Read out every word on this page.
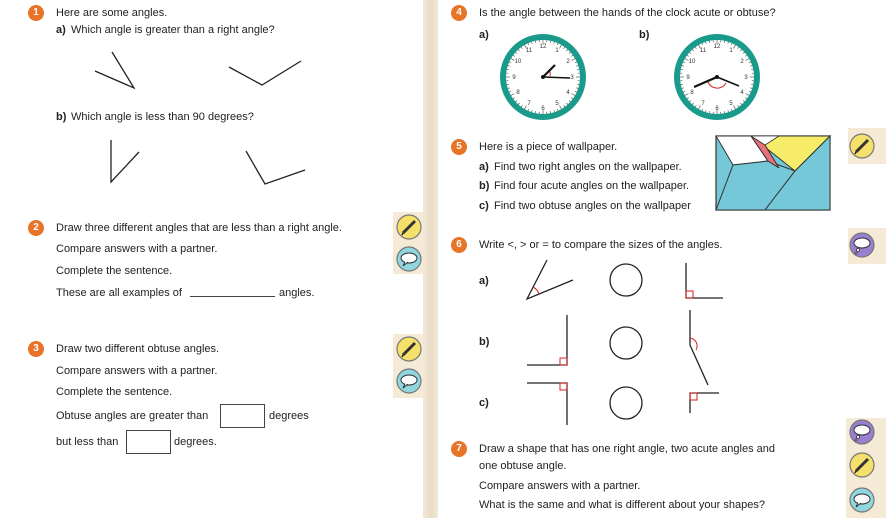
1	Here are some angles.
a) Which angle is greater than a right angle?
b) Which angle is less than 90 degrees?
2	Draw three different angles that are less than a right angle.
Compare answers with a partner.
Complete the sentence.
These are all examples of	angles.
3	Draw two different obtuse angles.
Compare answers with a partner.
Complete the sentence.
Obtuse angles are greater than	degrees
but less than	degrees.
4	Is the angle between the hands of the clock acute or obtuse?
a)	b)
12
1
2
3
4
5
6
7
8
9
10
11
12
1
2
3
4
5
6
7
8
9
10
11
5	Here is a piece of wallpaper.
a) Find two right angles on the wallpaper.
b) Find four acute angles on the wallpaper.
c) Find two obtuse angles on the wallpaper
6	Write <, > or = to compare the sizes of the angles.
a)
b)
c)
7	Draw a shape that has one right angle, two acute angles and
one obtuse angle.
Compare answers with a partner.
What is the same and what is different about your shapes?
